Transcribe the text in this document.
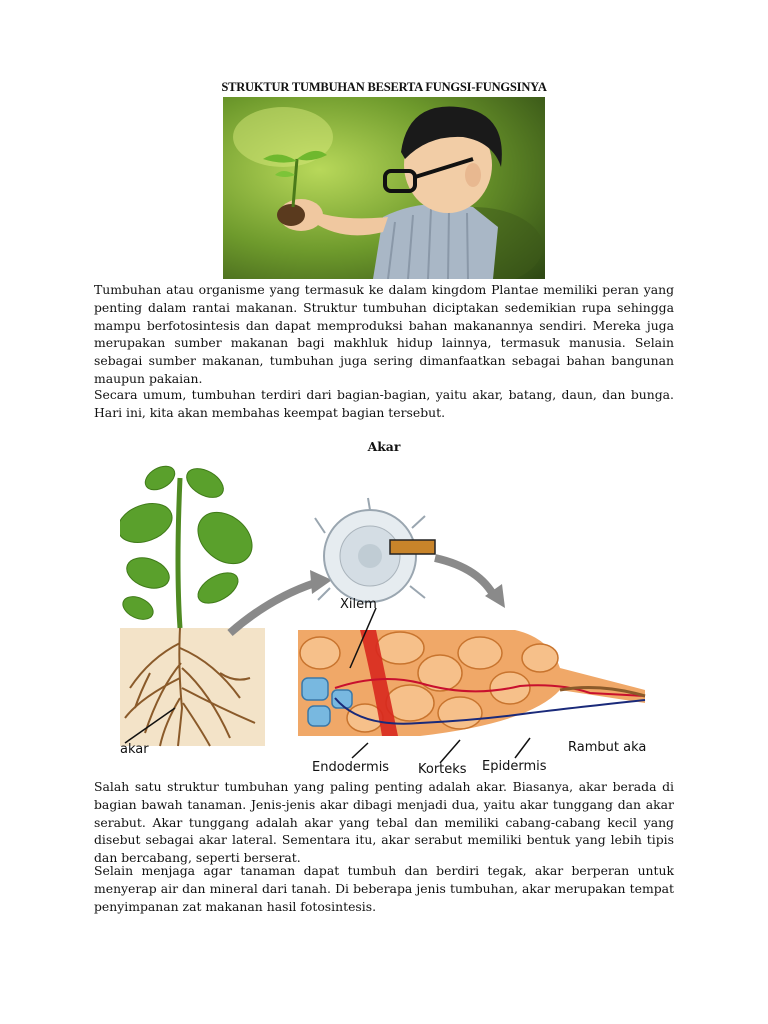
STRUKTUR TUMBUHAN BESERTA FUNGSI-FUNGSINYA

Tumbuhan atau organisme yang termasuk ke dalam kingdom Plantae memiliki peran yang penting dalam rantai makanan. Struktur tumbuhan diciptakan sedemikian rupa sehingga mampu berfotosintesis dan dapat memproduksi bahan makanannya sendiri. Mereka juga merupakan sumber makanan bagi makhluk hidup lainnya, termasuk manusia. Selain sebagai sumber makanan, tumbuhan juga sering dimanfaatkan sebagai bahan bangunan maupun pakaian.

Secara umum, tumbuhan terdiri dari bagian-bagian, yaitu akar, batang, daun, dan bunga. Hari ini, kita akan membahas keempat bagian tersebut.

Akar
akar
Xilem
Endodermis Korteks Epidermis
Rambut aka

Salah satu struktur tumbuhan yang paling penting adalah akar. Biasanya, akar berada di bagian bawah tanaman. Jenis-jenis akar dibagi menjadi dua, yaitu akar tunggang dan akar serabut. Akar tunggang adalah akar yang tebal dan memiliki cabang-cabang kecil yang disebut sebagai akar lateral. Sementara itu, akar serabut memiliki bentuk yang lebih tipis dan bercabang, seperti berserat.

Selain menjaga agar tanaman dapat tumbuh dan berdiri tegak, akar berperan untuk menyerap air dan mineral dari tanah. Di beberapa jenis tumbuhan, akar merupakan tempat penyimpanan zat makanan hasil fotosintesis.
